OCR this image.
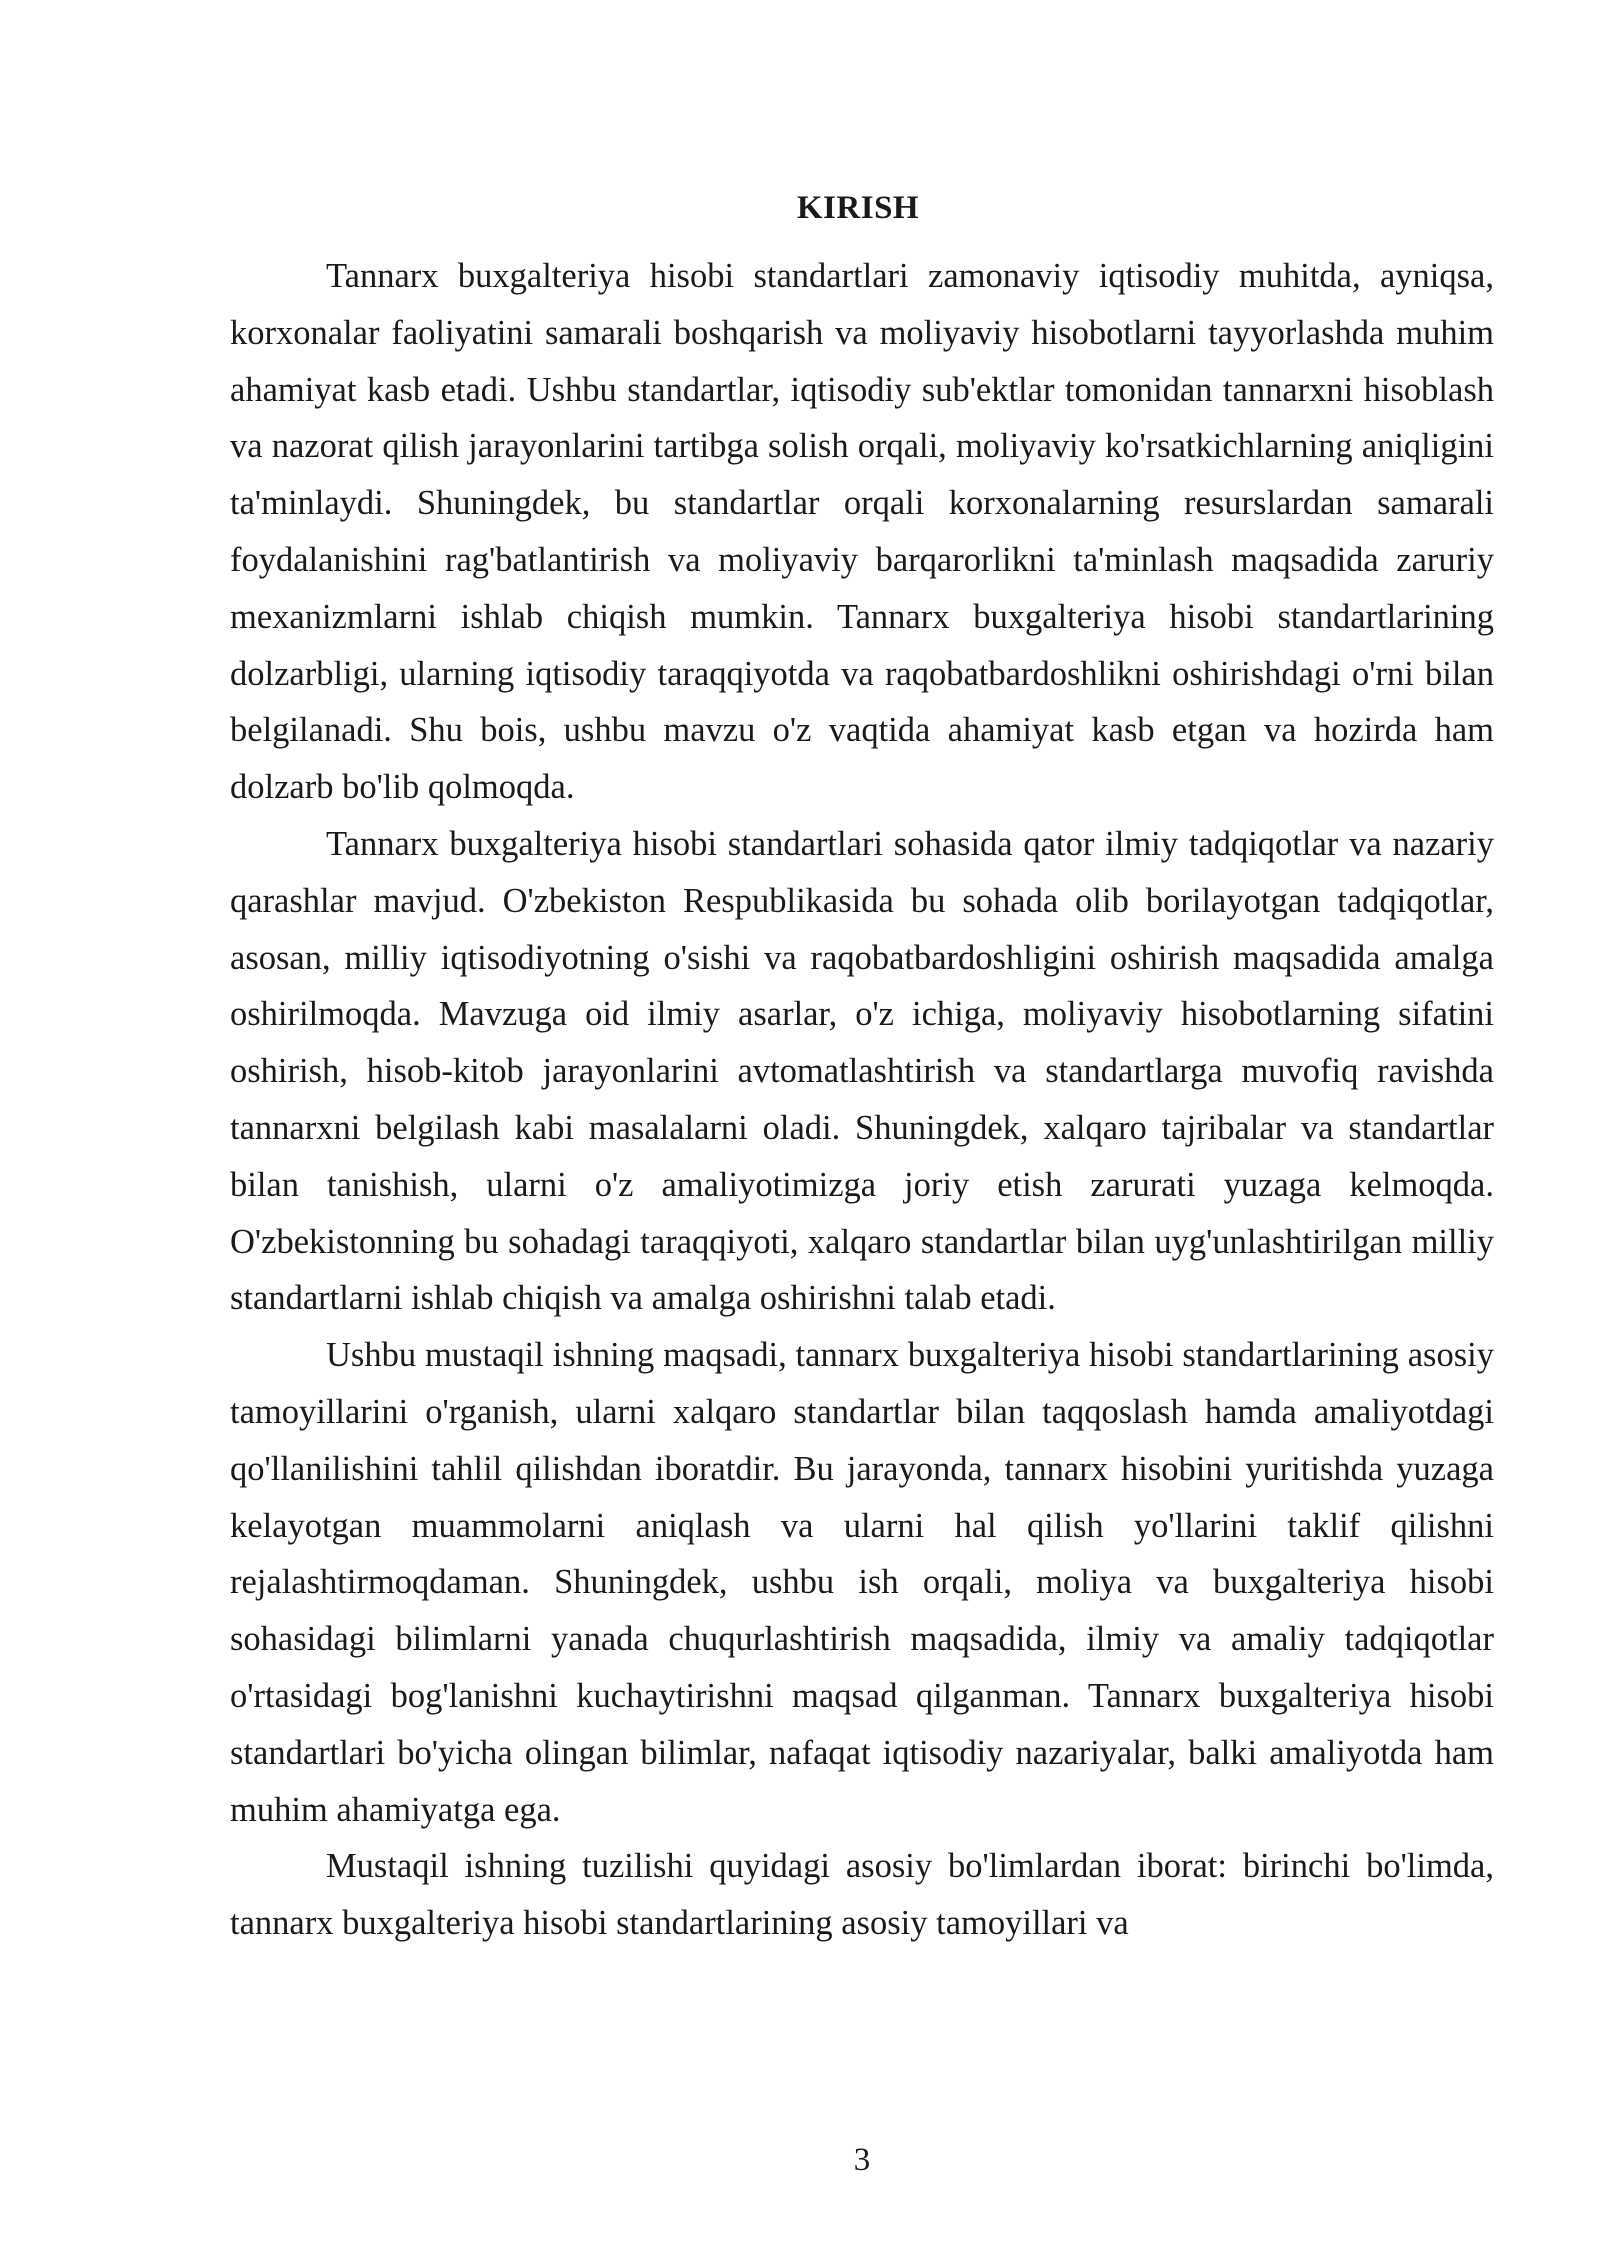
KIRISH

Tannarx buxgalteriya hisobi standartlari zamonaviy iqtisodiy muhitda, ayniqsa, korxonalar faoliyatini samarali boshqarish va moliyaviy hisobotlarni tayyorlashda muhim ahamiyat kasb etadi. Ushbu standartlar, iqtisodiy sub'ektlar tomonidan tannarxni hisoblash va nazorat qilish jarayonlarini tartibga solish orqali, moliyaviy ko'rsatkichlarning aniqligini ta'minlaydi. Shuningdek, bu standartlar orqali korxonalarning resurslardan samarali foydalanishini rag'batlantirish va moliyaviy barqarorlikni ta'minlash maqsadida zaruriy mexanizmlarni ishlab chiqish mumkin. Tannarx buxgalteriya hisobi standartlarining dolzarbligi, ularning iqtisodiy taraqqiyotda va raqobatbardoshlikni oshirishdagi o'rni bilan belgilanadi. Shu bois, ushbu mavzu o'z vaqtida ahamiyat kasb etgan va hozirda ham dolzarb bo'lib qolmoqda.

Tannarx buxgalteriya hisobi standartlari sohasida qator ilmiy tadqiqotlar va nazariy qarashlar mavjud. O'zbekiston Respublikasida bu sohada olib borilayotgan tadqiqotlar, asosan, milliy iqtisodiyotning o'sishi va raqobatbardoshligini oshirish maqsadida amalga oshirilmoqda. Mavzuga oid ilmiy asarlar, o'z ichiga, moliyaviy hisobotlarning sifatini oshirish, hisob-kitob jarayonlarini avtomatlashtirish va standartlarga muvofiq ravishda tannarxni belgilash kabi masalalarni oladi. Shuningdek, xalqaro tajribalar va standartlar bilan tanishish, ularni o'z amaliyotimizga joriy etish zarurati yuzaga kelmoqda. O'zbekistonning bu sohadagi taraqqiyoti, xalqaro standartlar bilan uyg'unlashtirilgan milliy standartlarni ishlab chiqish va amalga oshirishni talab etadi.

Ushbu mustaqil ishning maqsadi, tannarx buxgalteriya hisobi standartlarining asosiy tamoyillarini o'rganish, ularni xalqaro standartlar bilan taqqoslash hamda amaliyotdagi qo'llanilishini tahlil qilishdan iboratdir. Bu jarayonda, tannarx hisobini yuritishda yuzaga kelayotgan muammolarni aniqlash va ularni hal qilish yo'llarini taklif qilishni rejalashtirmoqdaman. Shuningdek, ushbu ish orqali, moliya va buxgalteriya hisobi sohasidagi bilimlarni yanada chuqurlashtirish maqsadida, ilmiy va amaliy tadqiqotlar o'rtasidagi bog'lanishni kuchaytirishni maqsad qilganman. Tannarx buxgalteriya hisobi standartlari bo'yicha olingan bilimlar, nafaqat iqtisodiy nazariyalar, balki amaliyotda ham muhim ahamiyatga ega.

Mustaqil ishning tuzilishi quyidagi asosiy bo'limlardan iborat: birinchi bo'limda, tannarx buxgalteriya hisobi standartlarining asosiy tamoyillari va

3
